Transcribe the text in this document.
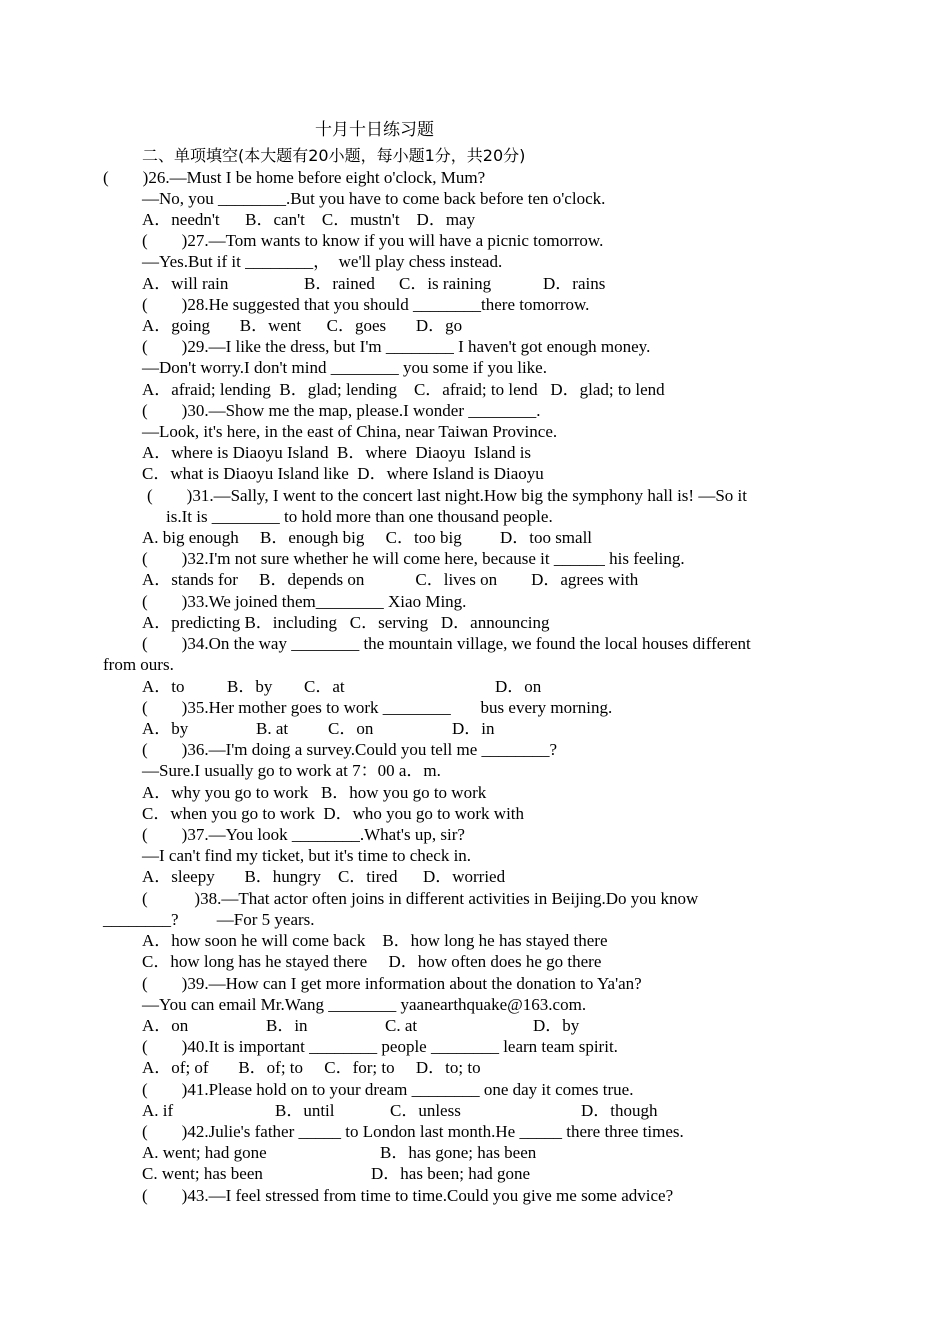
十月十日练习题

二、单项填空(本大题有20小题，每小题1分，共20分)

(        )26.—Must I be home before eight o'clock, Mum?

—No, you ________.But you have to come back before ten o'clock.

A．needn't      B．can't    C．mustn't    D．may

(        )27.—Tom wants to know if you will have a picnic tomorrow.

—Yes.But if it ________，  we'll play chess instead.

A．will rain

	B．rained

C．is raining

	D．rains

(        )28.He suggested that you should ________there tomorrow.

A．going       B．went      C．goes       D．go

(        )29.—I like the dress, but I'm ________ I haven't got enough money.

—Don't worry.I don't mind ________ you some if you like.

A．afraid; lending  B．glad; lending    C．afraid; to lend   D．glad; to lend

(        )30.—Show me the map, please.I wonder ________.

—Look, it's here, in the east of China, near Taiwan Province.

A．where is Diaoyu Island  B．where  Diaoyu  Island is

C．what is Diaoyu Island like  D．where Island is Diaoyu

(        )31.—Sally, I went to the concert last night.How big the symphony hall is! —So it

is.It is ________ to hold more than one thousand people.

A. big enough     B．enough big     C．too big         D．too small

(        )32.I'm not sure whether he will come here, because it ______ his feeling.

A．stands for     B．depends on            C．lives on        D．agrees with

(        )33.We joined them________ Xiao Ming.

A．predicting B．including   C．serving   D．announcing

(        )34.On the way ________ the mountain village, we found the local houses different

from ours.

A．to

	B．by

C．at

	D．on

(        )35.Her mother goes to work ________       bus every morning.

A．by

	B. at

C．on

	D．in

(        )36.—I'm doing a survey.Could you tell me ________?

—Sure.I usually go to work at 7：00 a．m.

A．why you go to work   B．how you go to work

C．when you go to work  D．who you go to work with

(        )37.—You look ________.What's up, sir?

—I can't find my ticket, but it's time to check in.

A．sleepy       B．hungry    C．tired      D．worried

(           )38.—That actor often joins in different activities in Beijing.Do you know

________?         —For 5 years.

A．how soon he will come back    B．how long he has stayed there

C．how long has he stayed there     D．how often does he go there

(        )39.—How can I get more information about the donation to Ya'an?

—You can email Mr.Wang ________ yaanearthquake@163.com.

A．on

	B．in

	C. at

	D．by

(        )40.It is important ________ people ________ learn team spirit.

A．of; of       B．of; to     C．for; to     D．to; to

(        )41.Please hold on to your dream ________ one day it comes true.

A. if

	B．until

	C．unless

	D．though

(        )42.Julie's father _____ to London last month.He _____ there three times.

A. went; had gone

	B．has gone; has been

C. went; has been

	D．has been; had gone

(        )43.—I feel stressed from time to time.Could you give me some advice?
